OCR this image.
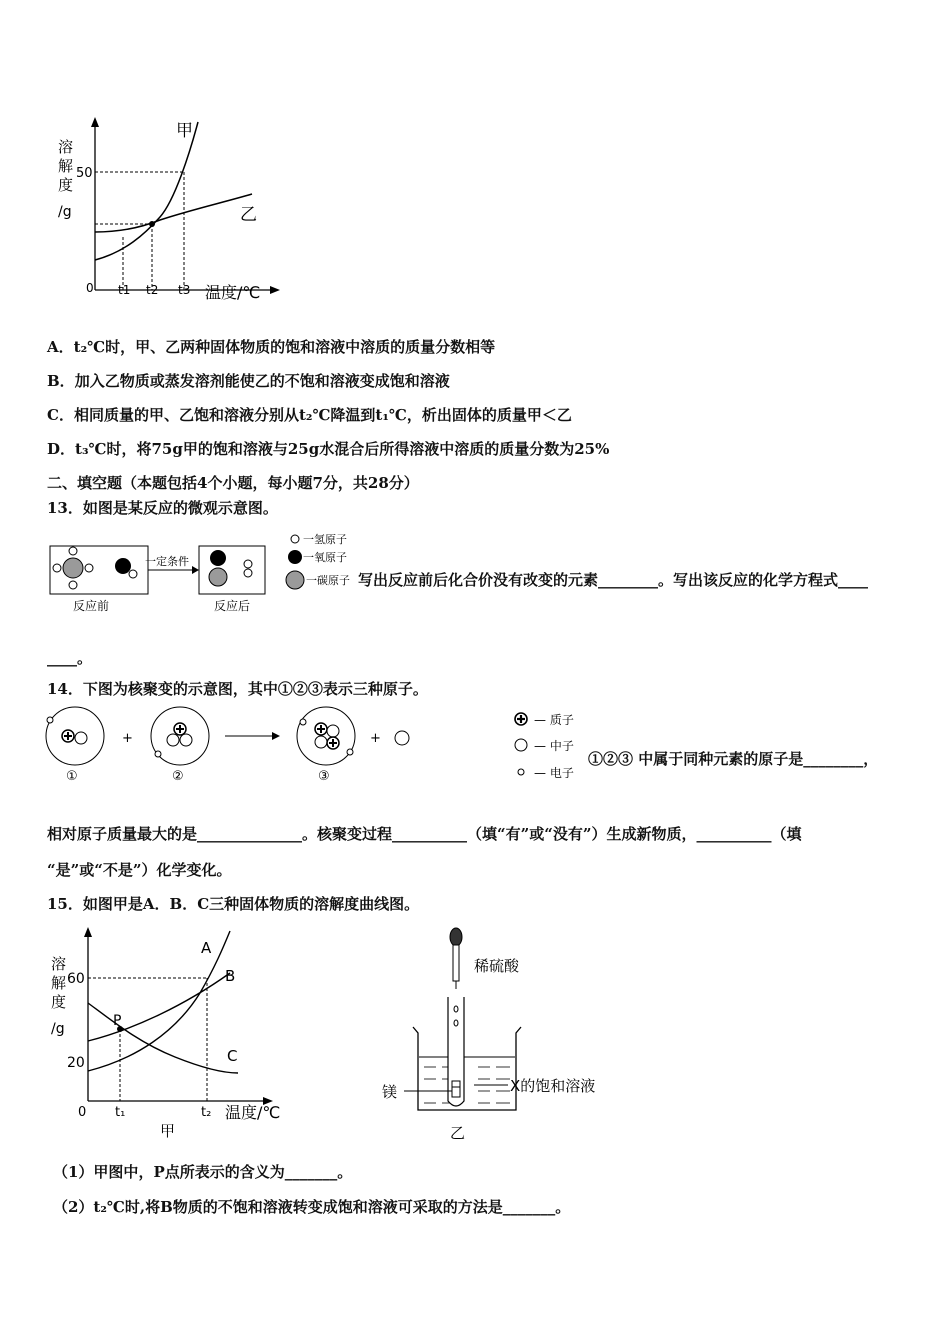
溶
解
度
/g
50
甲
乙
0 t1 t2 t3 温度/℃
A．t₂℃时，甲、乙两种固体物质的饱和溶液中溶质的质量分数相等
B．加入乙物质或蒸发溶剂能使乙的不饱和溶液变成饱和溶液
C．相同质量的甲、乙饱和溶液分别从t₂℃降温到t₁℃，析出固体的质量甲＜乙
D．t₃℃时，将75g甲的饱和溶液与25g水混合后所得溶液中溶质的质量分数为25%
二、填空题（本题包括4个小题，每小题7分，共28分）
13．如图是某反应的微观示意图。
一定条件
反应前	反应后
一氢原子
一氧原子
一碳原子 写出反应前后化合价没有改变的元素________。写出该反应的化学方程式____
____。
14．下图为核聚变的示意图，其中①②③表示三种原子。
①
+
②	③
+
— 质子
— 中子
— 电子
①②③ 中属于同种元素的原子是________，
相对原子质量最大的是______________。核聚变过程__________（填“有”或“没有”）生成新物质，__________（填
“是”或“不是”）化学变化。
15．如图甲是A．B．C三种固体物质的溶解度曲线图。
溶
解
度
/g
60
20
P
A
B
C
0 t₁	t₂ 温度/℃
甲
稀硫酸
镁	X的饱和溶液
乙
（1）甲图中，P点所表示的含义为_______。
（2）t₂℃时,将B物质的不饱和溶液转变成饱和溶液可采取的方法是_______。
